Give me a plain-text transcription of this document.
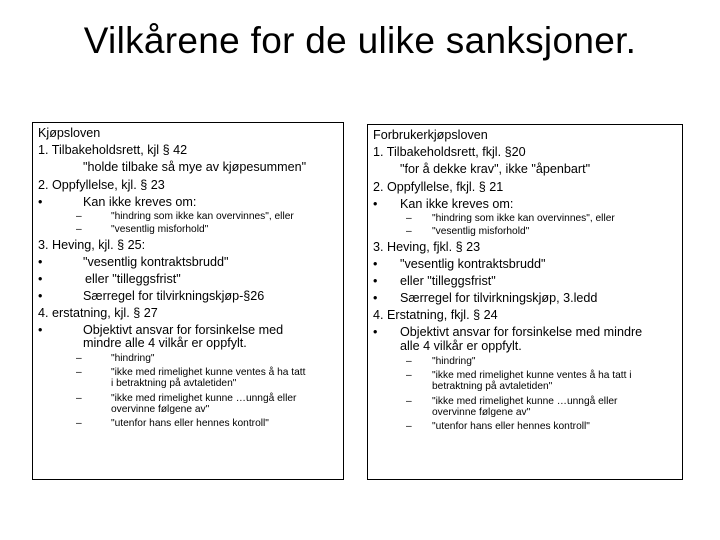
Vilkårene for de ulike sanksjoner.
Kjøpsloven
1. Tilbakeholdsrett, kjl § 42
"holde tilbake så mye av kjøpesummen"
2. Oppfyllelse, kjl. § 23
•	Kan ikke kreves om:
–	"hindring som ikke kan overvinnes", eller
–	"vesentlig misforhold"
3. Heving, kjl. § 25:
•	"vesentlig kontraktsbrudd"
•	eller "tilleggsfrist"
•	Særregel for tilvirkningskjøp-§26
4. erstatning, kjl. § 27
•	Objektivt ansvar for forsinkelse med
mindre alle 4 vilkår er oppfylt.
–	"hindring"
–	"ikke med rimelighet kunne ventes å ha tatt
i betraktning på avtaletiden"
–	"ikke med rimelighet kunne …unngå eller
overvinne følgene av"
–	"utenfor hans eller hennes kontroll"
Forbrukerkjøpsloven
1. Tilbakeholdsrett, fkjl. §20
"for å dekke krav", ikke "åpenbart"
2. Oppfyllelse, fkjl. § 21
• Kan ikke kreves om:
– "hindring som ikke kan overvinnes", eller
– "vesentlig misforhold"
3. Heving, fjkl. § 23
• "vesentlig kontraktsbrudd"
• eller "tilleggsfrist"
• Særregel for tilvirkningskjøp, 3.ledd
4. Erstatning, fkjl. § 24
• Objektivt ansvar for forsinkelse med mindre
alle 4 vilkår er oppfylt.
– "hindring"
– "ikke med rimelighet kunne ventes å ha tatt i
betraktning på avtaletiden"
– "ikke med rimelighet kunne …unngå eller
overvinne følgene av"
– "utenfor hans eller hennes kontroll"
